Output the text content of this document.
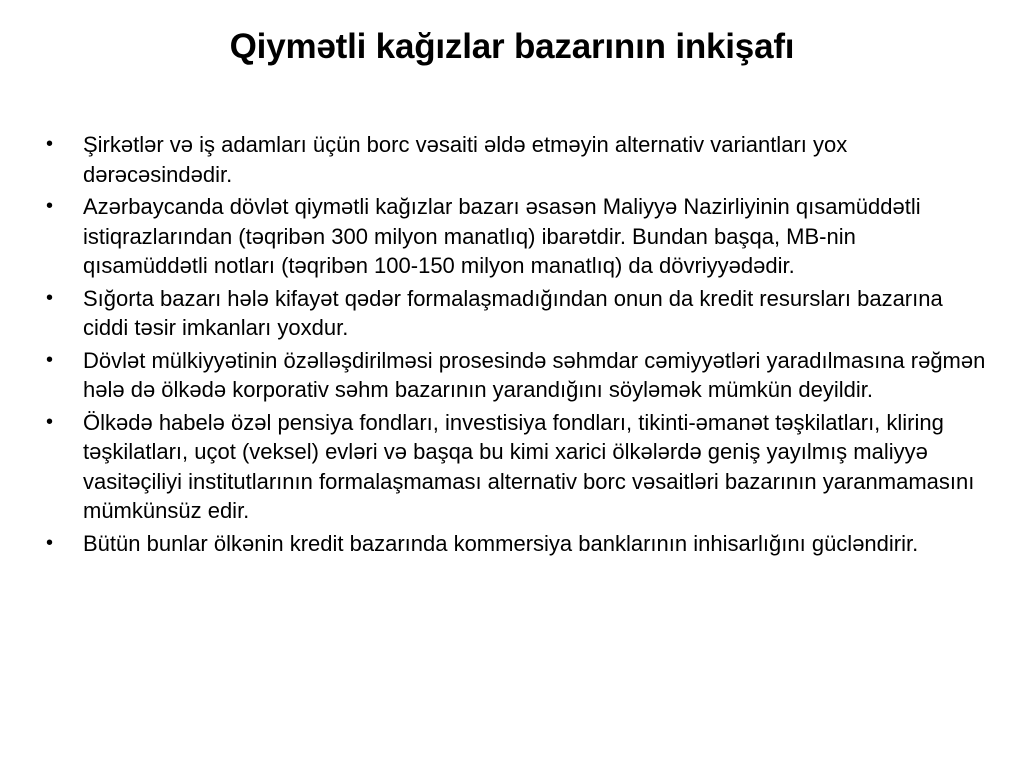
Qiymətli kağızlar bazarının inkişafı
•	Şirkətlər və iş adamları üçün borc vəsaiti əldə etməyin alternativ variantları yox dərəcəsindədir.
•	Azərbaycanda dövlət qiymətli kağızlar bazarı əsasən Maliyyə Nazirliyinin qısamüddətli istiqrazlarından (təqribən 300 milyon manatlıq) ibarətdir. Bundan başqa, MB-nin qısamüddətli notları (təqribən 100-150 milyon manatlıq) da dövriyyədədir.
•	Sığorta bazarı hələ kifayət qədər formalaşmadığından onun da kredit resursları bazarına ciddi təsir imkanları yoxdur.
•	Dövlət mülkiyyətinin özəlləşdirilməsi prosesində səhmdar cəmiyyətləri yaradılmasına rəğmən hələ də ölkədə korporativ səhm bazarının yarandığını söyləmək mümkün deyildir.
•	Ölkədə habelə özəl pensiya fondları, investisiya fondları, tikinti-əmanət təşkilatları, kliring təşkilatları, uçot (veksel) evləri və başqa bu kimi xarici ölkələrdə geniş yayılmış maliyyə vasitəçiliyi institutlarının formalaşmaması alternativ borc vəsaitləri bazarının yaranmamasını mümkünsüz edir.
•	Bütün bunlar ölkənin kredit bazarında kommersiya banklarının inhisarlığını gücləndirir.
